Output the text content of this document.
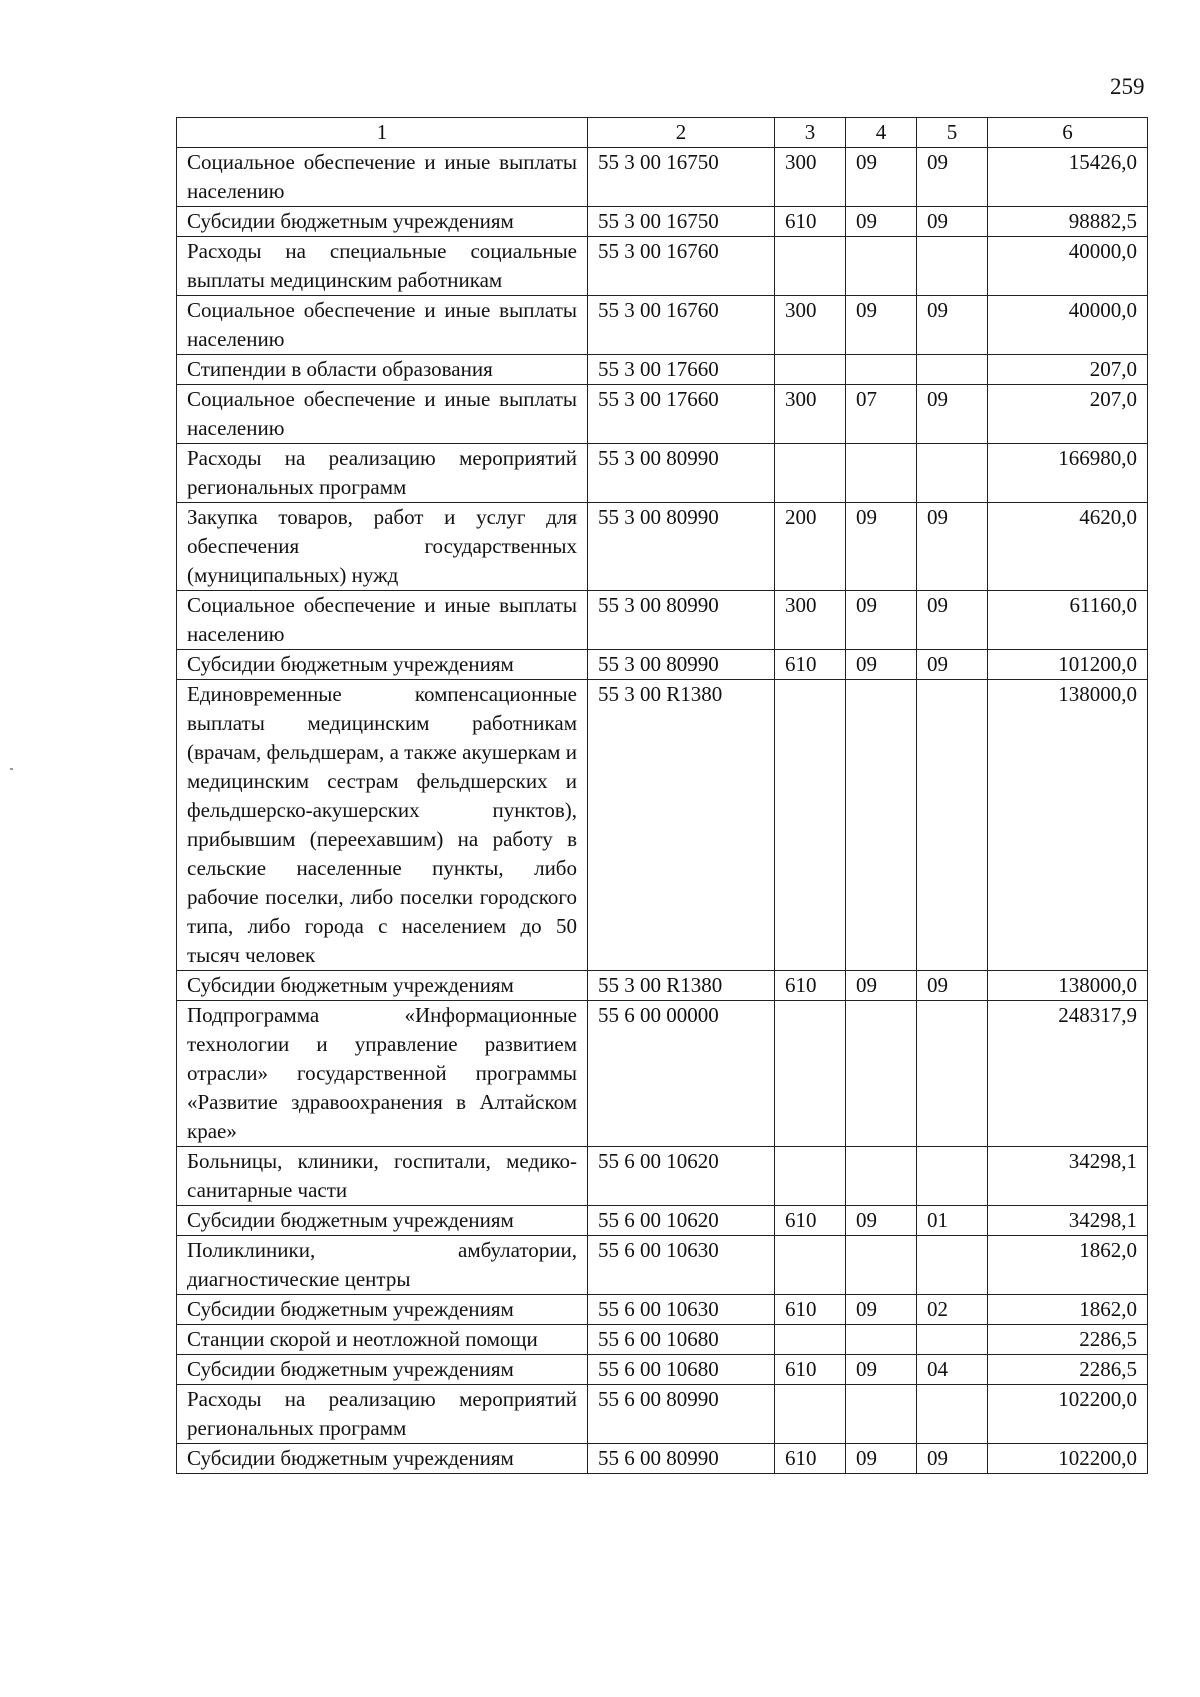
259
1	2	3	4	5	6
Социальное обеспечение и иные выплаты населению	55 3 00 16750	300	09	09	15426,0
Субсидии бюджетным учреждениям	55 3 00 16750	610	09	09	98882,5
Расходы на специальные социальные выплаты медицинским работникам	55 3 00 16760				40000,0
Социальное обеспечение и иные выплаты населению	55 3 00 16760	300	09	09	40000,0
Стипендии в области образования	55 3 00 17660				207,0
Социальное обеспечение и иные выплаты населению	55 3 00 17660	300	07	09	207,0
Расходы на реализацию мероприятий региональных программ	55 3 00 80990				166980,0
Закупка товаров, работ и услуг для обеспечения государственных (муниципальных) нужд	55 3 00 80990	200	09	09	4620,0
Социальное обеспечение и иные выплаты населению	55 3 00 80990	300	09	09	61160,0
Субсидии бюджетным учреждениям	55 3 00 80990	610	09	09	101200,0
Единовременные компенсационные выплаты медицинским работникам (врачам, фельдшерам, а также акушеркам и медицинским сестрам фельдшерских и фельдшерско-акушерских пунктов), прибывшим (переехавшим) на работу в сельские населенные пункты, либо рабочие поселки, либо поселки городского типа, либо города с населением до 50 тысяч человек	55 3 00 R1380				138000,0
Субсидии бюджетным учреждениям	55 3 00 R1380	610	09	09	138000,0
Подпрограмма «Информационные технологии и управление развитием отрасли» государственной программы «Развитие здравоохранения в Алтайском крае»	55 6 00 00000				248317,9
Больницы, клиники, госпитали, медико-санитарные части	55 6 00 10620				34298,1
Субсидии бюджетным учреждениям	55 6 00 10620	610	09	01	34298,1
Поликлиники, амбулатории, диагностические центры	55 6 00 10630				1862,0
Субсидии бюджетным учреждениям	55 6 00 10630	610	09	02	1862,0
Станции скорой и неотложной помощи	55 6 00 10680				2286,5
Субсидии бюджетным учреждениям	55 6 00 10680	610	09	04	2286,5
Расходы на реализацию мероприятий региональных программ	55 6 00 80990				102200,0
Субсидии бюджетным учреждениям	55 6 00 80990	610	09	09	102200,0
